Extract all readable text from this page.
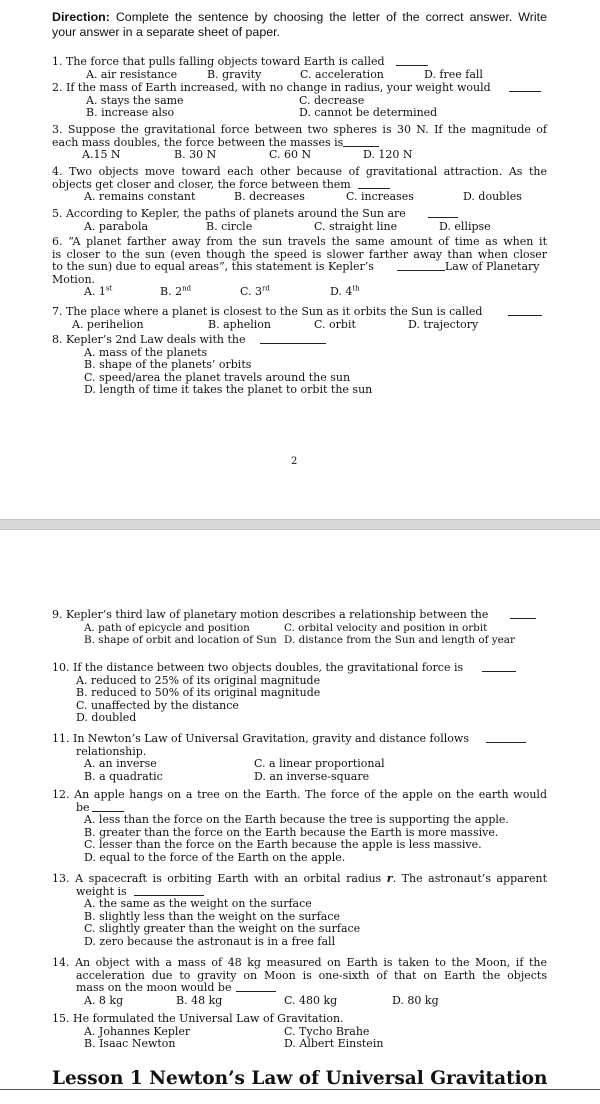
Direction: Complete the sentence by choosing the letter of the correct answer. Write
your answer in a separate sheet of paper.
1. The force that pulls falling objects toward Earth is called
A. air resistance	B. gravity	C. acceleration	D. free fall
2. If the mass of Earth increased, with no change in radius, your weight would
A. stays the same	C. decrease
B. increase also	D. cannot be determined
3. Suppose the gravitational force between two spheres is 30 N. If the magnitude of
each mass doubles, the force between the masses is
A.15 N	B. 30 N	C. 60 N	D. 120 N
4. Two objects move toward each other because of gravitational attraction. As the
objects get closer and closer, the force between them
A. remains constant	B. decreases	C. increases	D. doubles
5. According to Kepler, the paths of planets around the Sun are
A. parabola	B. circle	C. straight line	D. ellipse
6. “A planet farther away from the sun travels the same amount of time as when it
is closer to the sun (even though the speed is slower farther away than when closer
to the sun) due to equal areas”, this statement is Kepler’s	Law of Planetary
Motion.
A. 1st	B. 2nd	C. 3rd	D. 4th
7. The place where a planet is closest to the Sun as it orbits the Sun is called
A. perihelion	B. aphelion	C. orbit	D. trajectory
8. Kepler’s 2nd Law deals with the
A. mass of the planets
B. shape of the planets’ orbits
C. speed/area the planet travels around the sun
D. length of time it takes the planet to orbit the sun
2
9. Kepler’s third law of planetary motion describes a relationship between the
A. path of epicycle and position	C. orbital velocity and position in orbit
B. shape of orbit and location of Sun D. distance from the Sun and length of year
10. If the distance between two objects doubles, the gravitational force is
A. reduced to 25% of its original magnitude
B. reduced to 50% of its original magnitude
C. unaffected by the distance
D. doubled
11. In Newton’s Law of Universal Gravitation, gravity and distance follows
relationship.
A. an inverse	C. a linear proportional
B. a quadratic	D. an inverse-square
12. An apple hangs on a tree on the Earth. The force of the apple on the earth would
be
A. less than the force on the Earth because the tree is supporting the apple.
B. greater than the force on the Earth because the Earth is more massive.
C. lesser than the force on the Earth because the apple is less massive.
D. equal to the force of the Earth on the apple.
13. A spacecraft is orbiting Earth with an orbital radius r. The astronaut’s apparent
weight is
A. the same as the weight on the surface
B. slightly less than the weight on the surface
C. slightly greater than the weight on the surface
D. zero because the astronaut is in a free fall
14. An object with a mass of 48 kg measured on Earth is taken to the Moon, if the
acceleration due to gravity on Moon is one-sixth of that on Earth the objects
mass on the moon would be
A. 8 kg	B. 48 kg	C. 480 kg	D. 80 kg
15. He formulated the Universal Law of Gravitation.
A. Johannes Kepler	C. Tycho Brahe
B. Isaac Newton	D. Albert Einstein
Lesson 1 Newton’s Law of Universal Gravitation
